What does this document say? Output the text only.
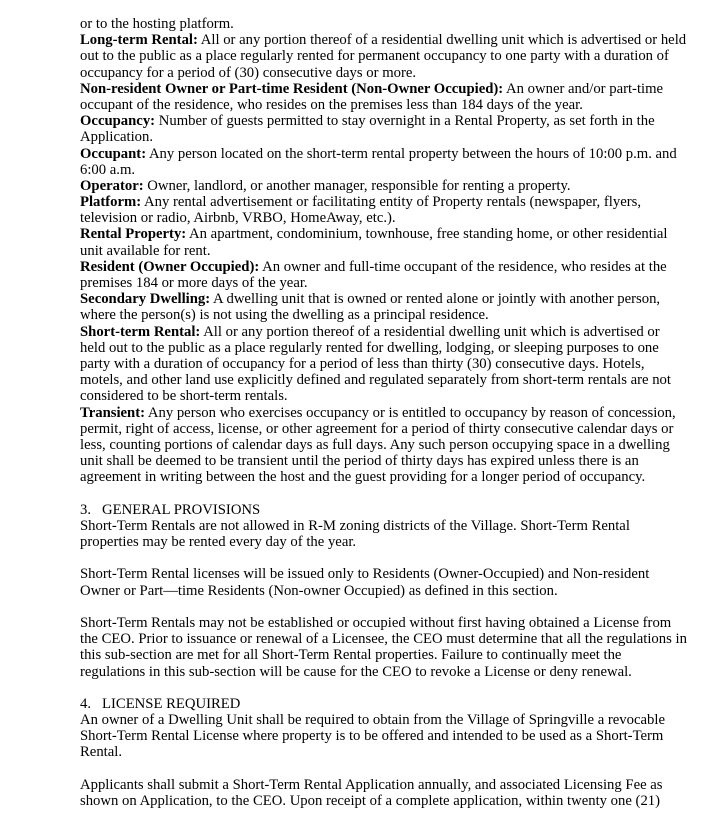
or to the hosting platform.
Long-term Rental: All or any portion thereof of a residential dwelling unit which is advertised or held
out to the public as a place regularly rented for permanent occupancy to one party with a duration of
occupancy for a period of (30) consecutive days or more.
Non-resident Owner or Part-time Resident (Non-Owner Occupied): An owner and/or part-time
occupant of the residence, who resides on the premises less than 184 days of the year.
Occupancy: Number of guests permitted to stay overnight in a Rental Property, as set forth in the
Application.
Occupant: Any person located on the short-term rental property between the hours of 10:00 p.m. and
6:00 a.m.
Operator: Owner, landlord, or another manager, responsible for renting a property.
Platform: Any rental advertisement or facilitating entity of Property rentals (newspaper, flyers,
television or radio, Airbnb, VRBO, HomeAway, etc.).
Rental Property: An apartment, condominium, townhouse, free standing home, or other residential
unit available for rent.
Resident (Owner Occupied): An owner and full-time occupant of the residence, who resides at the
premises 184 or more days of the year.
Secondary Dwelling: A dwelling unit that is owned or rented alone or jointly with another person,
where the person(s) is not using the dwelling as a principal residence.
Short-term Rental: All or any portion thereof of a residential dwelling unit which is advertised or
held out to the public as a place regularly rented for dwelling, lodging, or sleeping purposes to one
party with a duration of occupancy for a period of less than thirty (30) consecutive days. Hotels,
motels, and other land use explicitly defined and regulated separately from short-term rentals are not
considered to be short-term rentals.
Transient: Any person who exercises occupancy or is entitled to occupancy by reason of concession,
permit, right of access, license, or other agreement for a period of thirty consecutive calendar days or
less, counting portions of calendar days as full days. Any such person occupying space in a dwelling
unit shall be deemed to be transient until the period of thirty days has expired unless there is an
agreement in writing between the host and the guest providing for a longer period of occupancy.
3.   GENERAL PROVISIONS
Short-Term Rentals are not allowed in R-M zoning districts of the Village. Short-Term Rental
properties may be rented every day of the year.
Short-Term Rental licenses will be issued only to Residents (Owner-Occupied) and Non-resident
Owner or Part—time Residents (Non-owner Occupied) as defined in this section.
Short-Term Rentals may not be established or occupied without first having obtained a License from
the CEO. Prior to issuance or renewal of a Licensee, the CEO must determine that all the regulations in
this sub-section are met for all Short-Term Rental properties. Failure to continually meet the
regulations in this sub-section will be cause for the CEO to revoke a License or deny renewal.
4.   LICENSE REQUIRED
An owner of a Dwelling Unit shall be required to obtain from the Village of Springville a revocable
Short-Term Rental License where property is to be offered and intended to be used as a Short-Term
Rental.
Applicants shall submit a Short-Term Rental Application annually, and associated Licensing Fee as
shown on Application, to the CEO. Upon receipt of a complete application, within twenty one (21)
